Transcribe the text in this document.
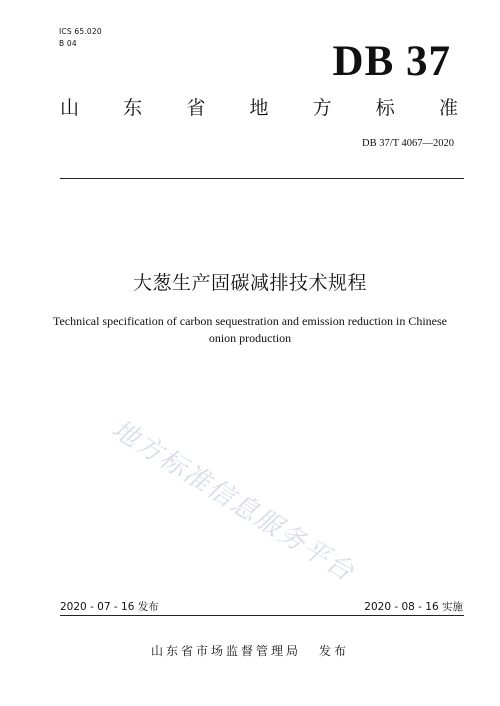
ICS 65.020
B 04	DB 37
山 东 省 地 方 标 准
DB 37/T 4067—2020
大葱生产固碳减排技术规程
Technical specification of carbon sequestration and emission reduction in Chinese
onion production
地方标准信息服务平台
2020 - 07 - 16 发布	2020 - 08 - 16 实施
山东省市场监督管理局 发布
